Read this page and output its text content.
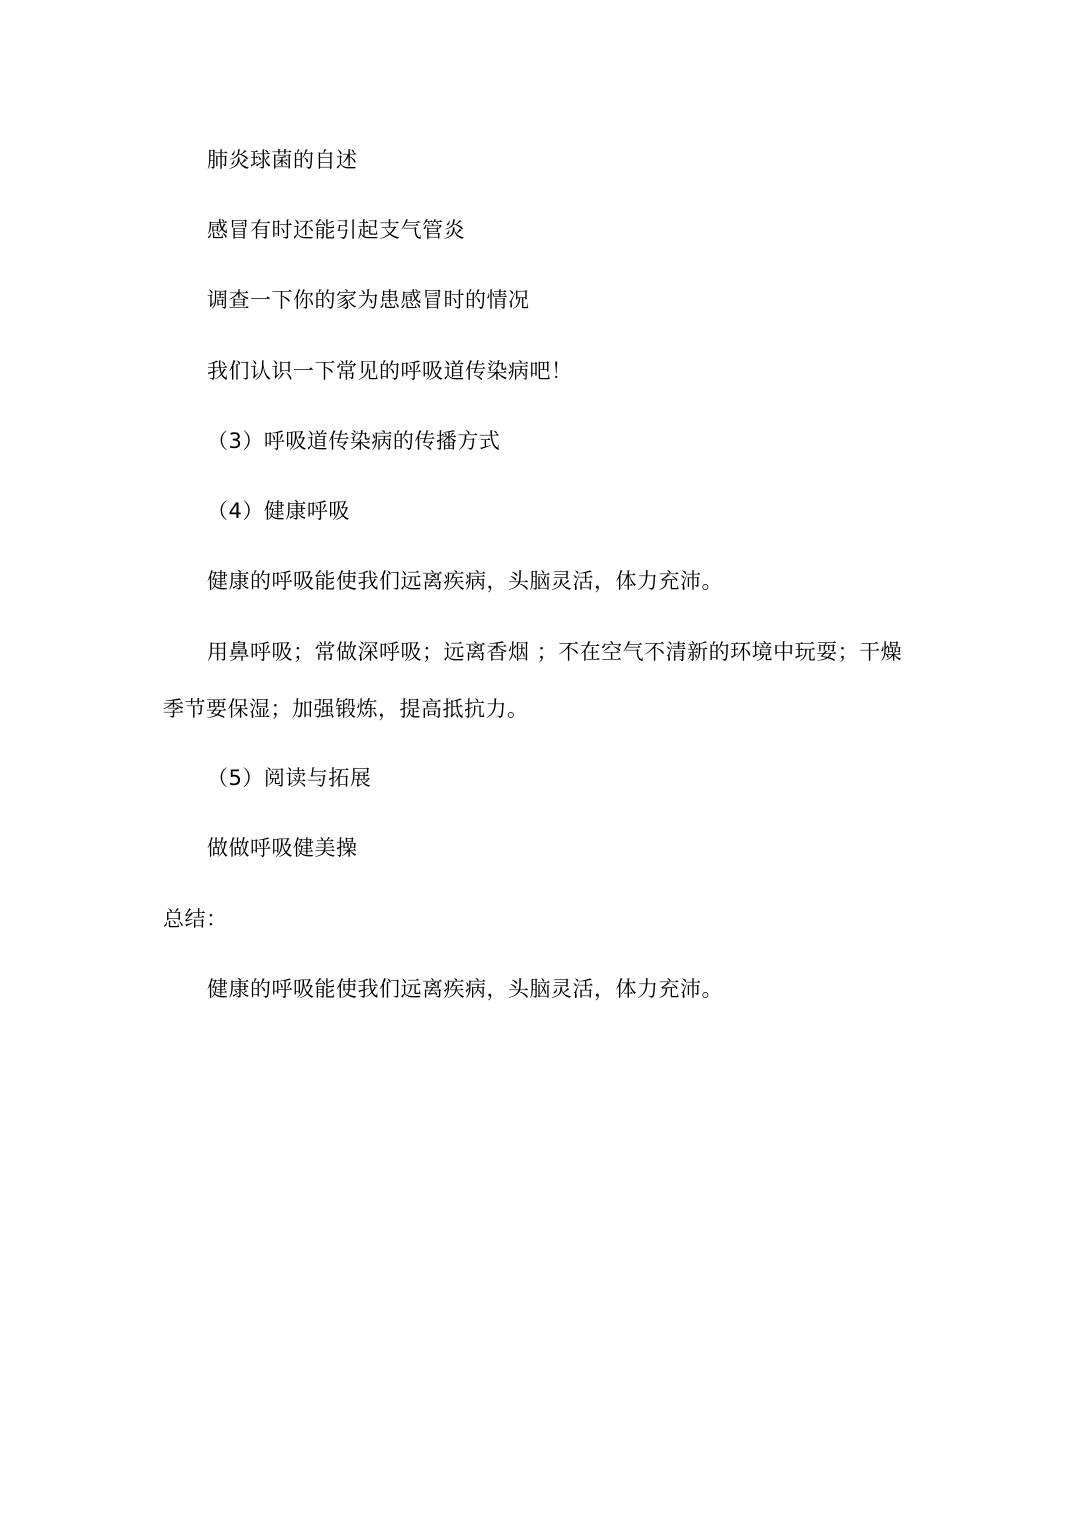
肺炎球菌的自述
感冒有时还能引起支气管炎
调查一下你的家为患感冒时的情况
我们认识一下常见的呼吸道传染病吧！
（3）呼吸道传染病的传播方式
（4）健康呼吸
健康的呼吸能使我们远离疾病，头脑灵活，体力充沛。
用鼻呼吸；常做深呼吸；远离香烟 ；不在空气不清新的环境中玩耍；干燥
季节要保湿；加强锻炼，提高抵抗力。
（5）阅读与拓展
做做呼吸健美操
总结：
健康的呼吸能使我们远离疾病，头脑灵活，体力充沛。
